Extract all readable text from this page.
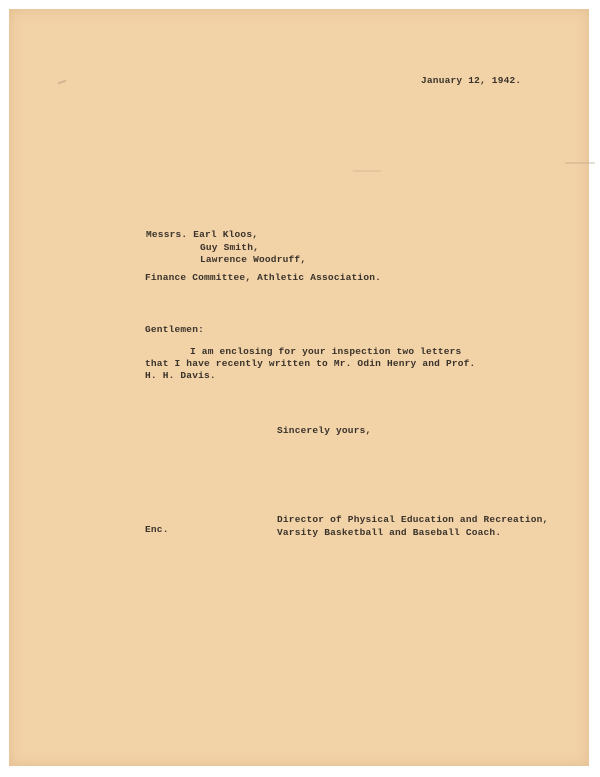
January 12, 1942.
Messrs. Earl Kloos,
Guy Smith,
Lawrence Woodruff,
Finance Committee, Athletic Association.
Gentlemen:
I am enclosing for your inspection two letters
that I have recently written to Mr. Odin Henry and Prof.
H. H. Davis.
Sincerely yours,
Director of Physical Education and Recreation,
Varsity Basketball and Baseball Coach.
Enc.
